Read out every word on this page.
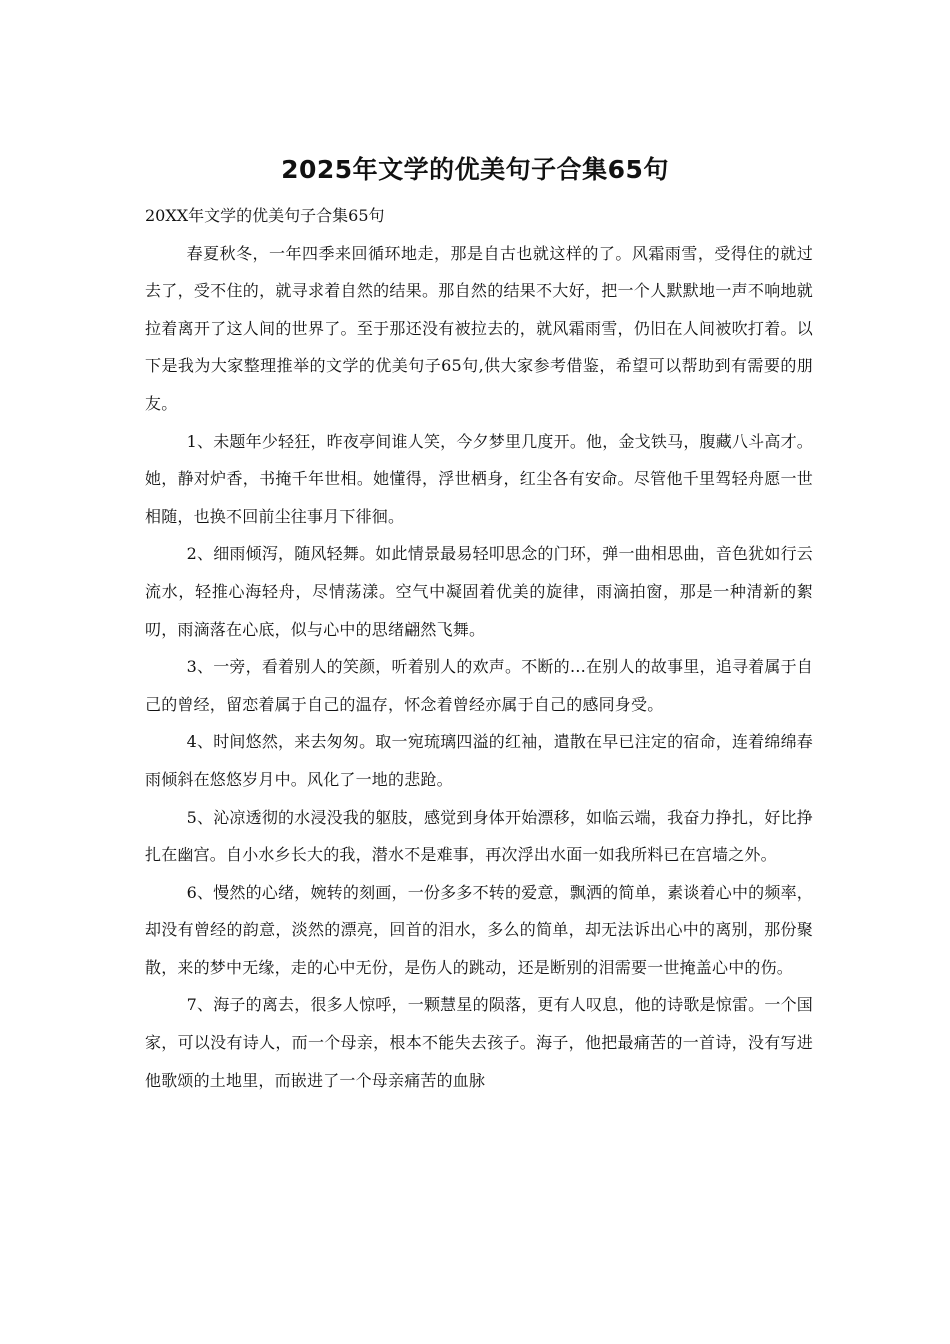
2025年文学的优美句子合集65句

20XX年文学的优美句子合集65句

春夏秋冬，一年四季来回循环地走，那是自古也就这样的了。风霜雨雪，受得住的就过去了，受不住的，就寻求着自然的结果。那自然的结果不大好，把一个人默默地一声不响地就拉着离开了这人间的世界了。至于那还没有被拉去的，就风霜雨雪，仍旧在人间被吹打着。以下是我为大家整理推举的文学的优美句子65句,供大家参考借鉴，希望可以帮助到有需要的朋友。

1、未题年少轻狂，昨夜亭间谁人笑，今夕梦里几度开。他，金戈铁马，腹藏八斗高才。她，静对炉香，书掩千年世相。她懂得，浮世栖身，红尘各有安命。尽管他千里驾轻舟愿一世相随，也换不回前尘往事月下徘徊。

2、细雨倾泻，随风轻舞。如此情景最易轻叩思念的门环，弹一曲相思曲，音色犹如行云流水，轻推心海轻舟，尽情荡漾。空气中凝固着优美的旋律，雨滴拍窗，那是一种清新的絮叨，雨滴落在心底，似与心中的思绪翩然飞舞。

3、一旁，看着别人的笑颜，听着别人的欢声。不断的…在别人的故事里，追寻着属于自己的曾经，留恋着属于自己的温存，怀念着曾经亦属于自己的感同身受。

4、时间悠然，来去匆匆。取一宛琉璃四溢的红袖，遣散在早已注定的宿命，连着绵绵春雨倾斜在悠悠岁月中。风化了一地的悲跄。

5、沁凉透彻的水浸没我的躯肢，感觉到身体开始漂移，如临云端，我奋力挣扎，好比挣扎在幽宫。自小水乡长大的我，潜水不是难事，再次浮出水面一如我所料已在宫墙之外。

6、慢然的心绪，婉转的刻画，一份多多不转的爱意，飘洒的简单，素谈着心中的频率，却没有曾经的韵意，淡然的漂亮，回首的泪水，多么的简单，却无法诉出心中的离别，那份聚散，来的梦中无缘，走的心中无份，是伤人的跳动，还是断别的泪需要一世掩盖心中的伤。

7、海子的离去，很多人惊呼，一颗慧星的陨落，更有人叹息，他的诗歌是惊雷。一个国家，可以没有诗人，而一个母亲，根本不能失去孩子。海子，他把最痛苦的一首诗，没有写进他歌颂的土地里，而嵌进了一个母亲痛苦的血脉
